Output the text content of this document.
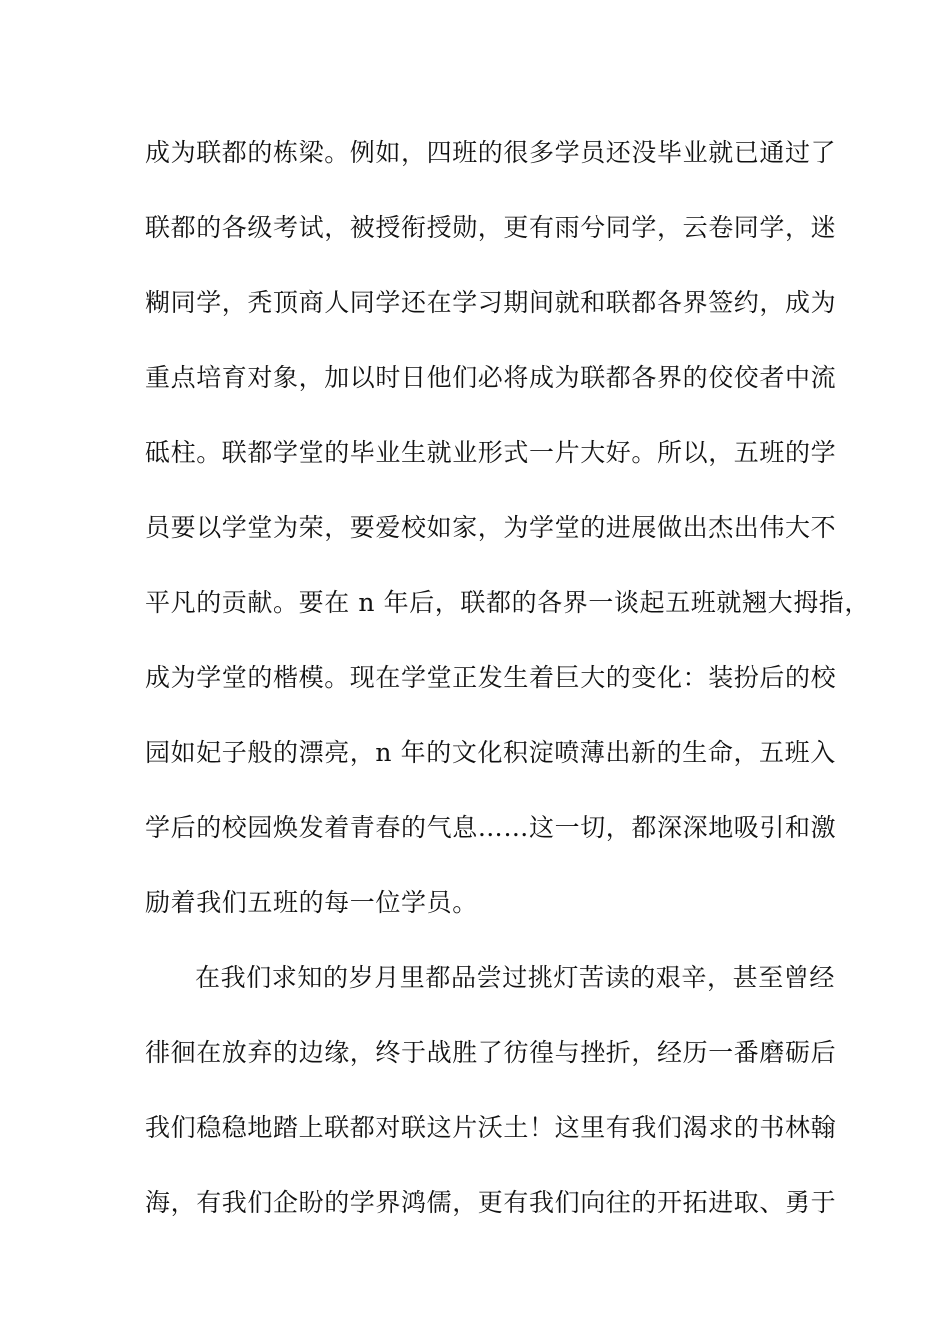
成为联都的栋梁。例如，四班的很多学员还没毕业就已通过了
联都的各级考试，被授衔授勋，更有雨兮同学，云卷同学，迷
糊同学，秃顶商人同学还在学习期间就和联都各界签约，成为
重点培育对象，加以时日他们必将成为联都各界的佼佼者中流
砥柱。联都学堂的毕业生就业形式一片大好。所以，五班的学
员要以学堂为荣，要爱校如家，为学堂的进展做出杰出伟大不
平凡的贡献。要在 n 年后，联都的各界一谈起五班就翘大拇指，
成为学堂的楷模。现在学堂正发生着巨大的变化：装扮后的校
园如妃子般的漂亮，n 年的文化积淀喷薄出新的生命，五班入
学后的校园焕发着青春的气息……这一切，都深深地吸引和激
励着我们五班的每一位学员。
在我们求知的岁月里都品尝过挑灯苦读的艰辛，甚至曾经
徘徊在放弃的边缘，终于战胜了彷徨与挫折，经历一番磨砺后
我们稳稳地踏上联都对联这片沃土！这里有我们渴求的书林翰
海，有我们企盼的学界鸿儒，更有我们向往的开拓进取、勇于
